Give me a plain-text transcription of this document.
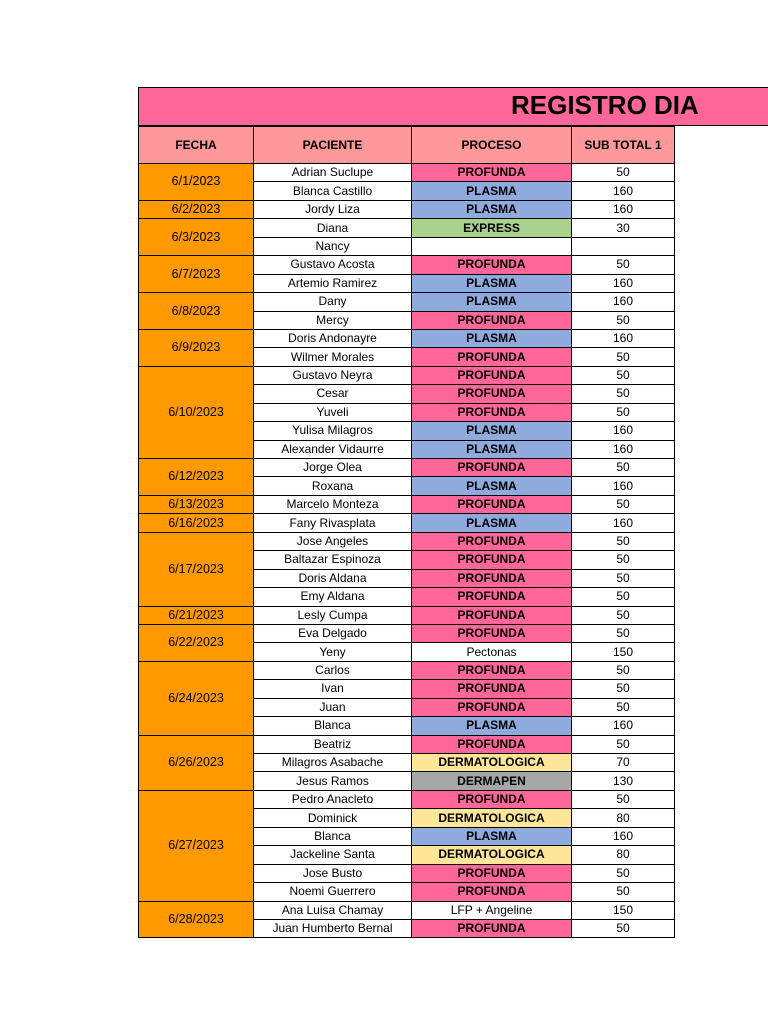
REGISTRO DIA
FECHA	PACIENTE	PROCESO	SUB TOTAL 1
6/1/2023	Adrian Suclupe	PROFUNDA	50
	Blanca Castillo	PLASMA	160
6/2/2023	Jordy Liza	PLASMA	160
6/3/2023	Diana	EXPRESS	30
	Nancy		
6/7/2023	Gustavo Acosta	PROFUNDA	50
	Artemio Ramirez	PLASMA	160
6/8/2023	Dany	PLASMA	160
	Mercy	PROFUNDA	50
6/9/2023	Doris Andonayre	PLASMA	160
	Wilmer Morales	PROFUNDA	50
6/10/2023	Gustavo Neyra	PROFUNDA	50
	Cesar	PROFUNDA	50
	Yuveli	PROFUNDA	50
	Yulisa Milagros	PLASMA	160
	Alexander Vidaurre	PLASMA	160
6/12/2023	Jorge Olea	PROFUNDA	50
	Roxana	PLASMA	160
6/13/2023	Marcelo Monteza	PROFUNDA	50
6/16/2023	Fany Rivasplata	PLASMA	160
6/17/2023	Jose Angeles	PROFUNDA	50
	Baltazar Espinoza	PROFUNDA	50
	Doris Aldana	PROFUNDA	50
	Emy Aldana	PROFUNDA	50
6/21/2023	Lesly Cumpa	PROFUNDA	50
6/22/2023	Eva Delgado	PROFUNDA	50
	Yeny	Pectonas	150
6/24/2023	Carlos	PROFUNDA	50
	Ivan	PROFUNDA	50
	Juan	PROFUNDA	50
	Blanca	PLASMA	160
6/26/2023	Beatriz	PROFUNDA	50
	Milagros Asabache	DERMATOLOGICA	70
	Jesus Ramos	DERMAPEN	130
6/27/2023	Pedro Anacleto	PROFUNDA	50
	Dominick	DERMATOLOGICA	80
	Blanca	PLASMA	160
	Jackeline Santa	DERMATOLOGICA	80
	Jose Busto	PROFUNDA	50
	Noemi Guerrero	PROFUNDA	50
6/28/2023	Ana Luisa Chamay	LFP + Angeline	150
	Juan Humberto Bernal	PROFUNDA	50
